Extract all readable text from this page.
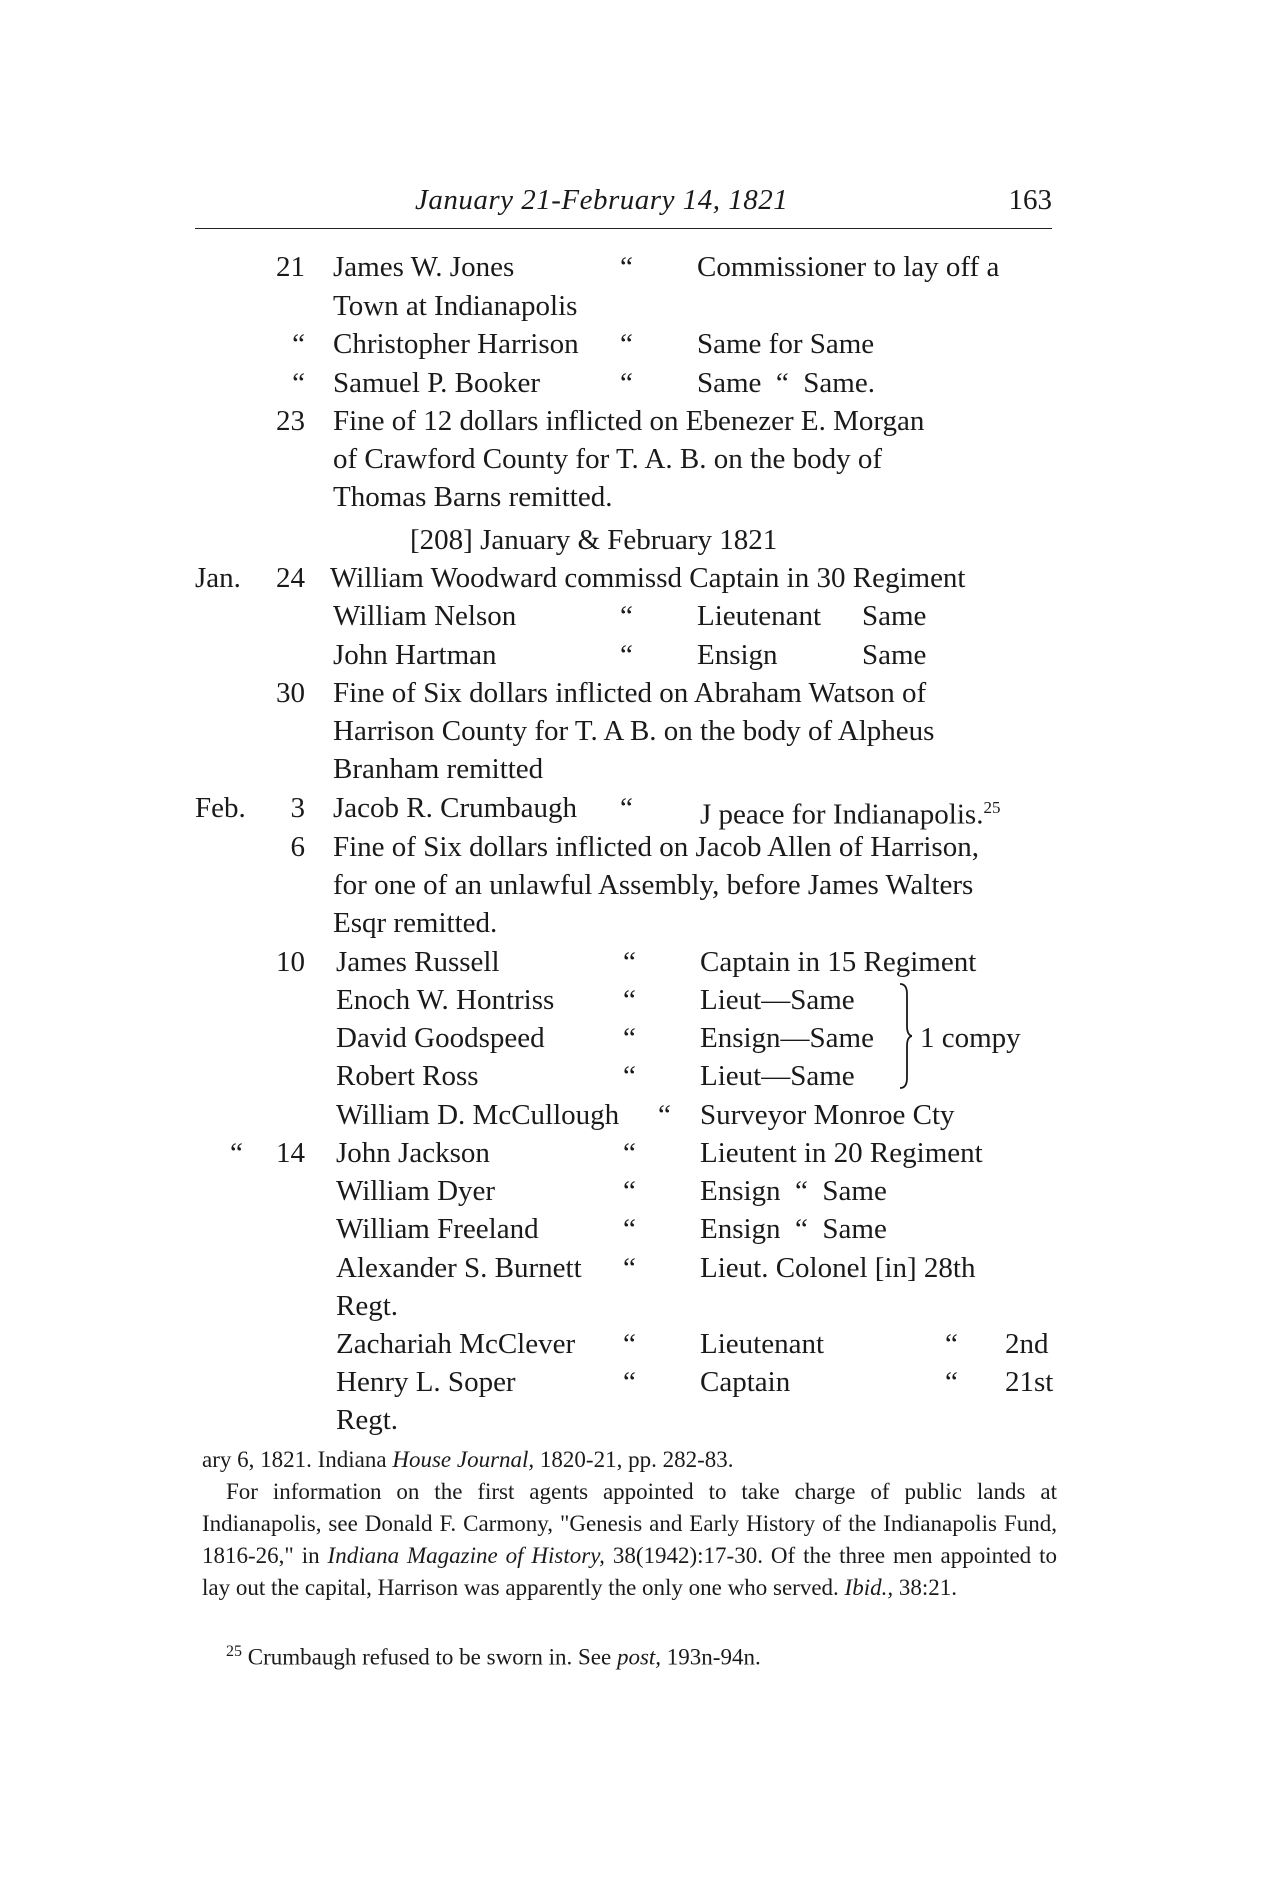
January 21-February 14, 1821	163
21 James W. Jones	“ Commissioner to lay off a
Town at Indianapolis
“ Christopher Harrison “ Same for Same
“ Samuel P. Booker	“ Same  “  Same.
23 Fine of 12 dollars inflicted on Ebenezer E. Morgan
of Crawford County for T. A. B. on the body of
Thomas Barns remitted.
[208] January & February 1821
Jan.	24 William Woodward commissd Captain in 30 Regiment
William Nelson	“ Lieutenant Same
John Hartman	“ Ensign	Same
30 Fine of Six dollars inflicted on Abraham Watson of
Harrison County for T. A B. on the body of Alpheus
Branham remitted
Feb.	3 Jacob R. Crumbaugh “ J peace for Indianapolis.$^{25}$
6 Fine of Six dollars inflicted on Jacob Allen of Harrison,
for one of an unlawful Assembly, before James Walters
Esqr remitted.
10 James Russell	“ Captain in 15 Regiment
Enoch W. Hontriss “ Lieut—Same
David Goodspeed	“ Ensign—Same 1 compy
Robert Ross	“ Lieut—Same
William D. McCullough “ Surveyor Monroe Cty
“	14 John Jackson	“ Lieutent in 20 Regiment
William Dyer	“ Ensign  “  Same
William Freeland	“ Ensign  “  Same
Alexander S. Burnett “ Lieut. Colonel [in] 28th
Regt.
Zachariah McClever “ Lieutenant	“ 2nd
Henry L. Soper	“ Captain	“ 21st
Regt.
ary 6, 1821. Indiana House Journal, 1820-21, pp. 282-83.
For information on the first agents appointed to take charge of public lands at Indianapolis, see Donald F. Carmony, "Genesis and Early History of the Indianapolis Fund, 1816-26," in Indiana Magazine of History, 38(1942):17-30. Of the three men appointed to lay out the capital, Harrison was apparently the only one who served. Ibid., 38:21.
$^{25}$ Crumbaugh refused to be sworn in. See post, 193n-94n.
